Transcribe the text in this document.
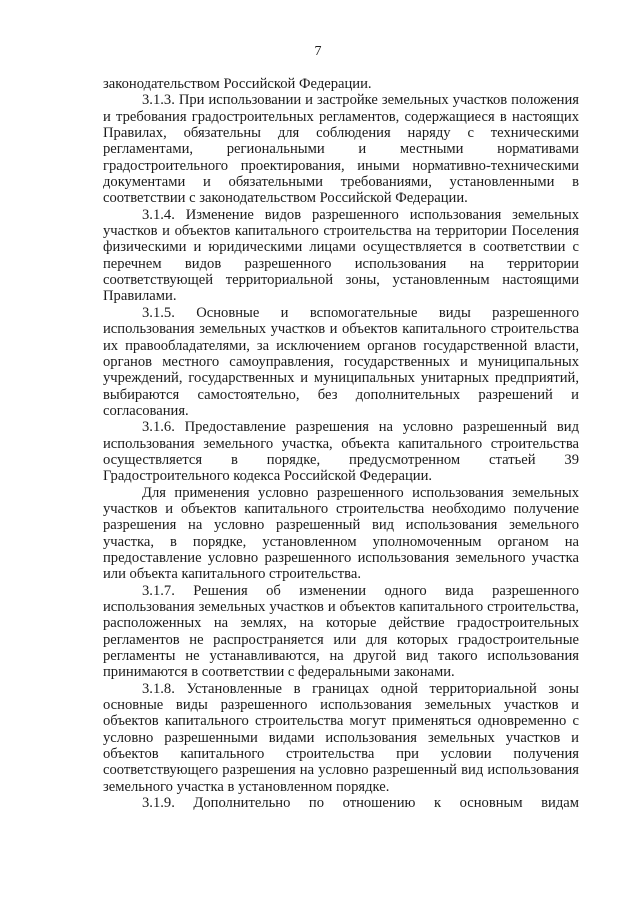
7

законодательством Российской Федерации.

3.1.3. При использовании и застройке земельных участков положения и требования градостроительных регламентов, содержащиеся в настоящих Правилах, обязательны для соблюдения наряду с техническими регламентами, региональными и местными нормативами градостроительного проектирования, иными нормативно-техническими документами и обязательными требованиями, установленными в соответствии с законодательством Российской Федерации.

3.1.4. Изменение видов разрешенного использования земельных участков и объектов капитального строительства на территории Поселения физическими и юридическими лицами осуществляется в соответствии с перечнем видов разрешенного использования на территории соответствующей территориальной зоны, установленным настоящими Правилами.

3.1.5. Основные и вспомогательные виды разрешенного использования земельных участков и объектов капитального строительства их правообладателями, за исключением органов государственной власти, органов местного самоуправления, государственных и муниципальных учреждений, государственных и муниципальных унитарных предприятий, выбираются самостоятельно, без дополнительных разрешений и согласования.

3.1.6. Предоставление разрешения на условно разрешенный вид использования земельного участка, объекта капитального строительства осуществляется в порядке, предусмотренном статьей 39 Градостроительного кодекса Российской Федерации.

Для применения условно разрешенного использования земельных участков и объектов капитального строительства необходимо получение разрешения на условно разрешенный вид использования земельного участка, в порядке, установленном уполномоченным органом на предоставление условно разрешенного использования земельного участка или объекта капитального строительства.

3.1.7. Решения об изменении одного вида разрешенного использования земельных участков и объектов капитального строительства, расположенных на землях, на которые действие градостроительных регламентов не распространяется или для которых градостроительные регламенты не устанавливаются, на другой вид такого использования принимаются в соответствии с федеральными законами.

3.1.8. Установленные в границах одной территориальной зоны основные виды разрешенного использования земельных участков и объектов капитального строительства могут применяться одновременно с условно разрешенными видами использования земельных участков и объектов капитального строительства при условии получения соответствующего разрешения на условно разрешенный вид использования земельного участка в установленном порядке.

3.1.9. Дополнительно по отношению к основным видам
